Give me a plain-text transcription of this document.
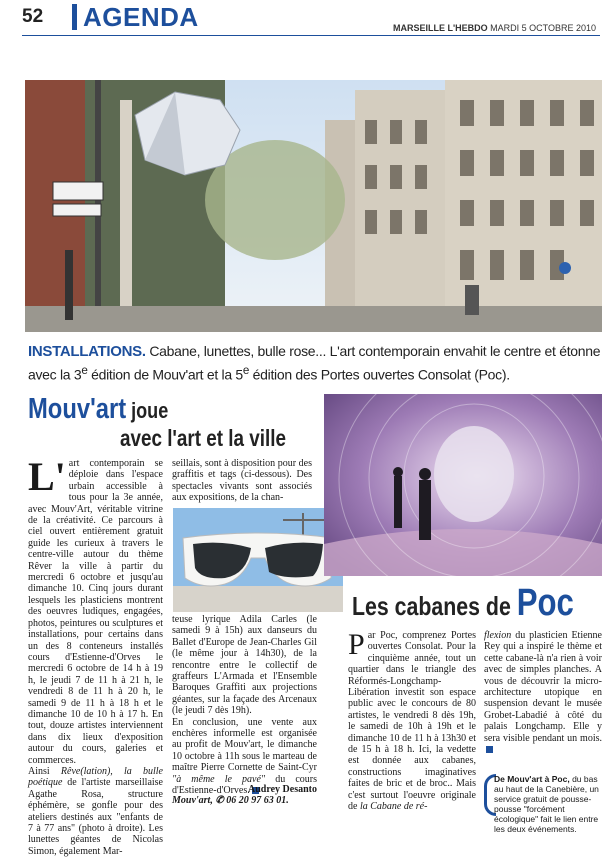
52 AGENDA	MARSEILLE L'HEBDO MARDI 5 OCTOBRE 2010
INSTALLATIONS. Cabane, lunettes, bulle rose... L'art contemporain envahit le centre et étonne avec la 3e édition de Mouv'art et la 5e édition des Portes ouvertes Consolat (Poc).
Mouv'art joue
avec l'art et la ville
L' art contemporain se déploie dans l'espace urbain accessible à tous pour la 3e année, avec Mouv'Art, véritable vitrine de la créativité. Ce parcours à ciel ouvert entièrement gratuit guide les curieux à travers le centre-ville autour du thème Rêver la ville à partir du mercredi 6 octobre et jusqu'au dimanche 10. Cinq jours durant lesquels les plasticiens montrent des oeuvres ludiques, engagées, photos, peintures ou sculptures et installations, pour certains dans un des 8 conteneurs installés cours d'Estienne-d'Orves le mercredi 6 octobre de 14 h à 19 h, le jeudi 7 de 11 h à 21 h, le vendredi 8 de 11 h à 20 h, le samedi 9 de 11 h à 18 h et le dimanche 10 de 10 h à 17 h. En tout, douze artistes interviennent dans dix lieux d'exposition autour du cours, galeries et commerces.

Ainsi Rêve(lation), la bulle poétique de l'artiste marseillaise Agathe Rosa, structure éphémère, se gonfle pour des ateliers destinés aux "enfants de 7 à 77 ans" (photo à droite). Les lunettes géantes de Nicolas Simon, également Mar-

seillais, sont à disposition pour des graffitis et tags (ci-dessous). Des spectacles vivants sont associés aux expositions, de la chan-

teuse lyrique Adila Carles (le samedi 9 à 15h) aux danseurs du Ballet d'Europe de Jean-Charles Gil (le même jour à 14h30), de la rencontre entre le collectif de graffeurs L'Armada et l'Ensemble Baroques Graffiti aux projections géantes, sur la façade des Arcenaux (le jeudi 7 dès 19h).

En conclusion, une vente aux enchères informelle est organisée au profit de Mouv'art, le dimanche 10 octobre à 11h sous le marteau de maître Pierre Cornette de Saint-Cyr "à même le pavé" du cours d'Estienne-d'Orves.

Audrey Desanto
Mouv'art, ✆ 06 20 97 63 01.
Les cabanes de Poc
P ar Poc, comprenez Portes ouvertes Consolat. Pour la cinquième année, tout un quartier dans le triangle des Réformés-Longchamp-Libération investit son espace public avec le concours de 80 artistes, le vendredi 8 dès 19h, le samedi de 10h à 19h et le dimanche 10 de 11 h à 13h30 et de 15 h à 18 h. Ici, la vedette est donnée aux cabanes, constructions imaginatives faites de bric et de broc.. Mais c'est surtout l'oeuvre originale de la Cabane de ré-

flexion du plasticien Etienne Rey qui a inspiré le thème et cette cabane-là n'a rien à voir avec de simples planches. A vous de découvrir la micro-architecture utopique en suspension devant le musée Grobet-Labadié à côté du palais Longchamp. Elle y sera visible pendant un mois.

De Mouv'art à Poc, du bas au haut de la Canebière, un service gratuit de pousse-pousse "forcément écologique" fait le lien entre les deux événements.
